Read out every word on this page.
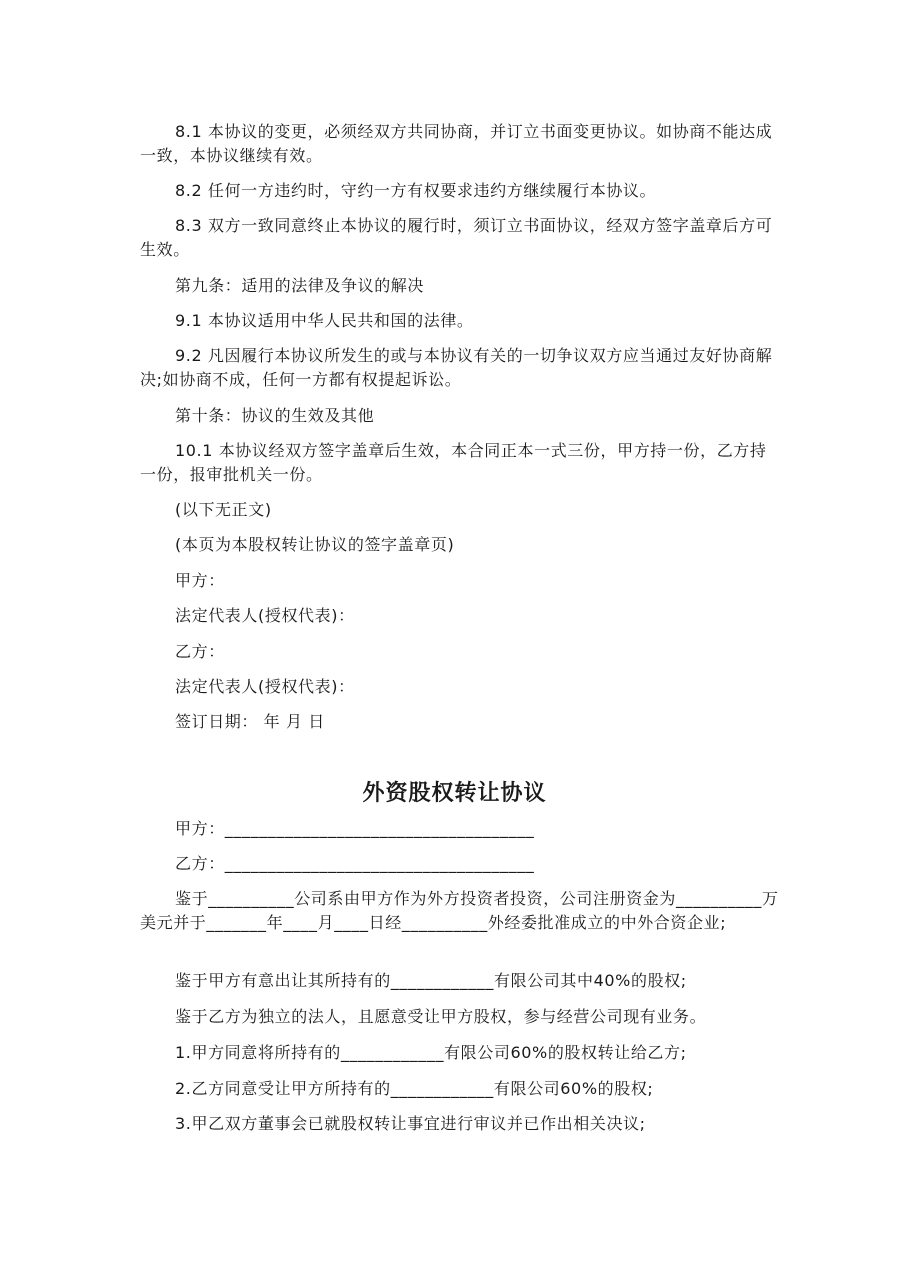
8.1 本协议的变更，必须经双方共同协商，并订立书面变更协议。如协商不能达成一致，本协议继续有效。

8.2 任何一方违约时，守约一方有权要求违约方继续履行本协议。

8.3 双方一致同意终止本协议的履行时，须订立书面协议，经双方签字盖章后方可生效。

第九条：适用的法律及争议的解决

9.1 本协议适用中华人民共和国的法律。

9.2 凡因履行本协议所发生的或与本协议有关的一切争议双方应当通过友好协商解决;如协商不成，任何一方都有权提起诉讼。

第十条：协议的生效及其他

10.1 本协议经双方签字盖章后生效，本合同正本一式三份，甲方持一份，乙方持一份，报审批机关一份。

(以下无正文)

(本页为本股权转让协议的签字盖章页)

甲方：

法定代表人(授权代表)：

乙方：

法定代表人(授权代表)：

签订日期： 年 月 日

外资股权转让协议

甲方：____________________________________

乙方：____________________________________

鉴于__________公司系由甲方作为外方投资者投资，公司注册资金为__________万美元并于_______年____月____日经__________外经委批准成立的中外合资企业;

鉴于甲方有意出让其所持有的____________有限公司其中40%的股权;

鉴于乙方为独立的法人，且愿意受让甲方股权，参与经营公司现有业务。

1.甲方同意将所持有的____________有限公司60%的股权转让给乙方;

2.乙方同意受让甲方所持有的____________有限公司60%的股权;

3.甲乙双方董事会已就股权转让事宜进行审议并已作出相关决议;
